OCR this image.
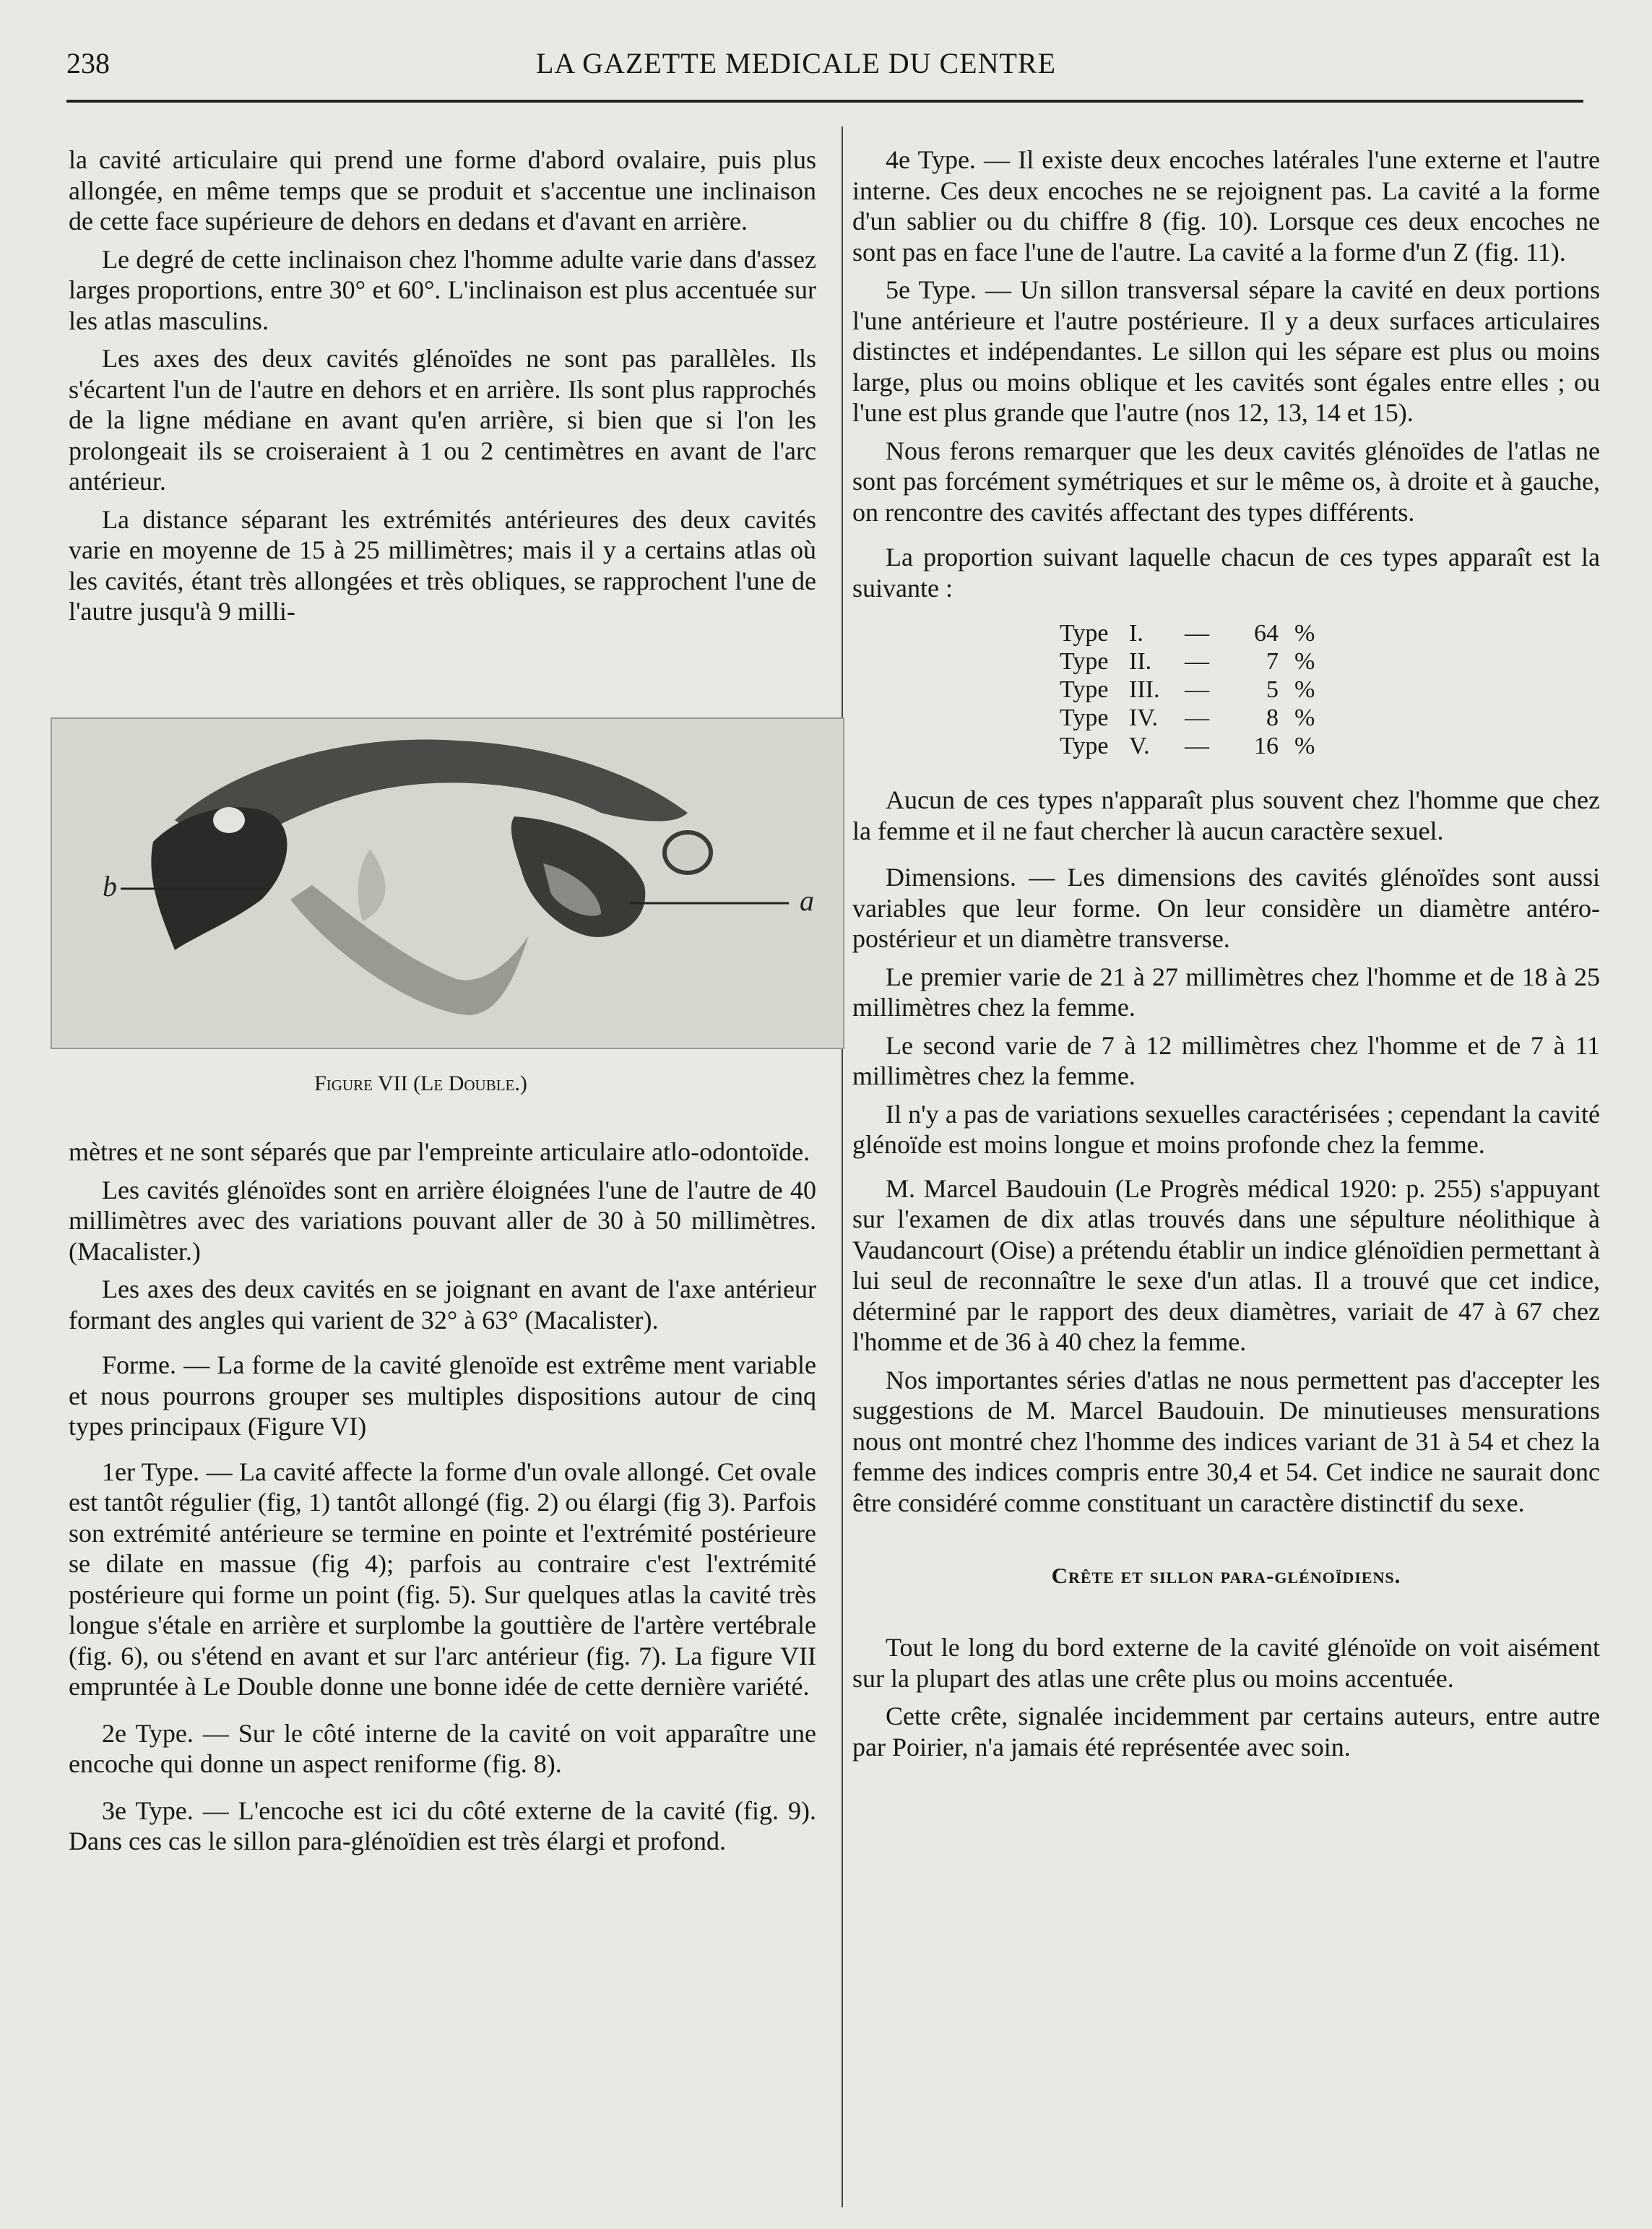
238	LA GAZETTE MEDICALE DU CENTRE

la cavité articulaire qui prend une forme d'abord ovalaire, puis plus allongée, en même temps que se produit et s'accentue une inclinaison de cette face supérieure de dehors en dedans et d'avant en arrière.

Le degré de cette inclinaison chez l'homme adulte varie dans d'assez larges proportions, entre 30° et 60°. L'inclinaison est plus accentuée sur les atlas masculins.

Les axes des deux cavités glénoïdes ne sont pas parallèles. Ils s'écartent l'un de l'autre en dehors et en arrière. Ils sont plus rapprochés de la ligne médiane en avant qu'en arrière, si bien que si l'on les prolongeait ils se croiseraient à 1 ou 2 centimètres en avant de l'arc antérieur.

La distance séparant les extrémités antérieures des deux cavités varie en moyenne de 15 à 25 millimètres; mais il y a certains atlas où les cavités, étant très allongées et très obliques, se rapprochent l'une de l'autre jusqu'à 9 milli-

b	a
Figure VII (Le Double.)

mètres et ne sont séparés que par l'empreinte articulaire atlo-odontoïde.

Les cavités glénoïdes sont en arrière éloignées l'une de l'autre de 40 millimètres avec des variations pouvant aller de 30 à 50 millimètres. (Macalister.)

Les axes des deux cavités en se joignant en avant de l'axe antérieur formant des angles qui varient de 32° à 63° (Macalister).

Forme. — La forme de la cavité glenoïde est extrême ment variable et nous pourrons grouper ses multiples dispositions autour de cinq types principaux (Figure VI)

1er Type. — La cavité affecte la forme d'un ovale allongé. Cet ovale est tantôt régulier (fig, 1) tantôt allongé (fig. 2) ou élargi (fig 3). Parfois son extrémité antérieure se termine en pointe et l'extrémité postérieure se dilate en massue (fig 4); parfois au contraire c'est l'extrémité postérieure qui forme un point (fig. 5). Sur quelques atlas la cavité très longue s'étale en arrière et surplombe la gouttière de l'artère vertébrale (fig. 6), ou s'étend en avant et sur l'arc antérieur (fig. 7). La figure VII empruntée à Le Double donne une bonne idée de cette dernière variété.

2e Type. — Sur le côté interne de la cavité on voit apparaître une encoche qui donne un aspect reniforme (fig. 8).

3e Type. — L'encoche est ici du côté externe de la cavité (fig. 9). Dans ces cas le sillon para-glénoïdien est très élargi et profond.

4e Type. — Il existe deux encoches latérales l'une externe et l'autre interne. Ces deux encoches ne se rejoignent pas. La cavité a la forme d'un sablier ou du chiffre 8 (fig. 10). Lorsque ces deux encoches ne sont pas en face l'une de l'autre. La cavité a la forme d'un Z (fig. 11).

5e Type. — Un sillon transversal sépare la cavité en deux portions l'une antérieure et l'autre postérieure. Il y a deux surfaces articulaires distinctes et indépendantes. Le sillon qui les sépare est plus ou moins large, plus ou moins oblique et les cavités sont égales entre elles ; ou l'une est plus grande que l'autre (nos 12, 13, 14 et 15).

Nous ferons remarquer que les deux cavités glénoïdes de l'atlas ne sont pas forcément symétriques et sur le même os, à droite et à gauche, on rencontre des cavités affectant des types différents.

La proportion suivant laquelle chacun de ces types apparaît est la suivante :

Type I. —	64 %
Type II. —	7 %
Type III. —	5 %
Type IV. —	8 %
Type V. —	16 %

Aucun de ces types n'apparaît plus souvent chez l'homme que chez la femme et il ne faut chercher là aucun caractère sexuel.

Dimensions. — Les dimensions des cavités glénoïdes sont aussi variables que leur forme. On leur considère un diamètre antéro-postérieur et un diamètre transverse.

Le premier varie de 21 à 27 millimètres chez l'homme et de 18 à 25 millimètres chez la femme.

Le second varie de 7 à 12 millimètres chez l'homme et de 7 à 11 millimètres chez la femme.

Il n'y a pas de variations sexuelles caractérisées ; cependant la cavité glénoïde est moins longue et moins profonde chez la femme.

M. Marcel Baudouin (Le Progrès médical 1920: p. 255) s'appuyant sur l'examen de dix atlas trouvés dans une sépulture néolithique à Vaudancourt (Oise) a prétendu établir un indice glénoïdien permettant à lui seul de reconnaître le sexe d'un atlas. Il a trouvé que cet indice, déterminé par le rapport des deux diamètres, variait de 47 à 67 chez l'homme et de 36 à 40 chez la femme.

Nos importantes séries d'atlas ne nous permettent pas d'accepter les suggestions de M. Marcel Baudouin. De minutieuses mensurations nous ont montré chez l'homme des indices variant de 31 à 54 et chez la femme des indices compris entre 30,4 et 54. Cet indice ne saurait donc être considéré comme constituant un caractère distinctif du sexe.

Crête et sillon para-glénoïdiens.

Tout le long du bord externe de la cavité glénoïde on voit aisément sur la plupart des atlas une crête plus ou moins accentuée.

Cette crête, signalée incidemment par certains auteurs, entre autre par Poirier, n'a jamais été représentée avec soin.
